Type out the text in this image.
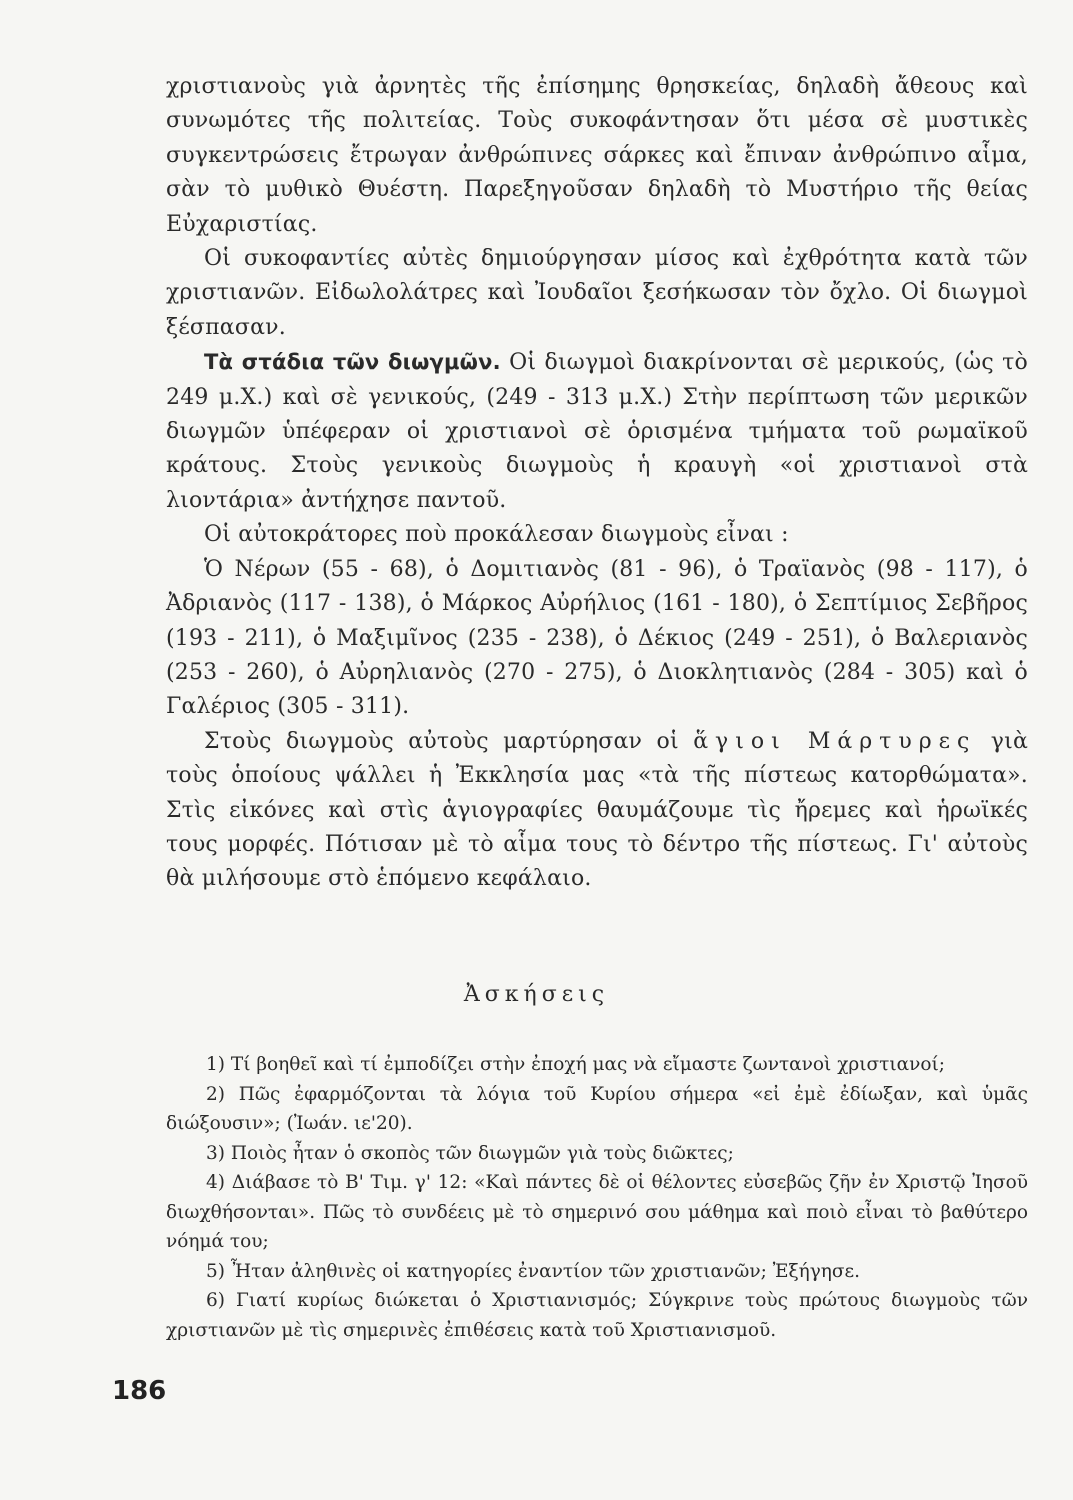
χριστιανοὺς γιὰ ἀρνητὲς τῆς ἐπίσημης θρησκείας, δηλαδὴ ἄθεους καὶ συνωμότες τῆς πολιτείας. Τοὺς συκοφάντησαν ὅτι μέσα σὲ μυστικὲς συγκεντρώσεις ἔτρωγαν ἀνθρώπινες σάρκες καὶ ἔπιναν ἀνθρώπινο αἷμα, σὰν τὸ μυθικὸ Θυέστη. Παρεξηγοῦσαν δηλαδὴ τὸ Μυστήριο τῆς θείας Εὐχαριστίας.

Οἱ συκοφαντίες αὐτὲς δημιούργησαν μίσος καὶ ἐχθρότητα κατὰ τῶν χριστιανῶν. Εἰδωλολάτρες καὶ Ἰουδαῖοι ξεσήκωσαν τὸν ὄχλο. Οἱ διωγμοὶ ξέσπασαν.

Τὰ στάδια τῶν διωγμῶν. Οἱ διωγμοὶ διακρίνονται σὲ μερικούς, (ὡς τὸ 249 μ.Χ.) καὶ σὲ γενικούς, (249 - 313 μ.Χ.) Στὴν περίπτωση τῶν μερικῶν διωγμῶν ὑπέφεραν οἱ χριστιανοὶ σὲ ὁρισμένα τμήματα τοῦ ρωμαϊκοῦ κράτους. Στοὺς γενικοὺς διωγμοὺς ἡ κραυγὴ «οἱ χριστιανοὶ στὰ λιοντάρια» ἀντήχησε παντοῦ.

Οἱ αὐτοκράτορες ποὺ προκάλεσαν διωγμοὺς εἶναι :

Ὁ Νέρων (55 - 68), ὁ Δομιτιανὸς (81 - 96), ὁ Τραϊανὸς (98 - 117), ὁ Ἀδριανὸς (117 - 138), ὁ Μάρκος Αὐρήλιος (161 - 180), ὁ Σεπτίμιος Σεβῆρος (193 - 211), ὁ Μαξιμῖνος (235 - 238), ὁ Δέκιος (249 - 251), ὁ Βαλεριανὸς (253 - 260), ὁ Αὐρηλιανὸς (270 - 275), ὁ Διοκλητιανὸς (284 - 305) καὶ ὁ Γαλέριος (305 - 311).

Στοὺς διωγμοὺς αὐτοὺς μαρτύρησαν οἱ ἅγιοι Μάρτυρες γιὰ τοὺς ὁποίους ψάλλει ἡ Ἐκκλησία μας «τὰ τῆς πίστεως κατορθώματα». Στὶς εἰκόνες καὶ στὶς ἁγιογραφίες θαυμάζουμε τὶς ἤρεμες καὶ ἡρωϊκές τους μορφές. Πότισαν μὲ τὸ αἷμα τους τὸ δέντρο τῆς πίστεως. Γι' αὐτοὺς θὰ μιλήσουμε στὸ ἑπόμενο κεφάλαιο.

Ἀσκήσεις
1) Τί βοηθεῖ καὶ τί ἐμποδίζει στὴν ἐποχή μας νὰ εἴμαστε ζωντανοὶ χριστιανοί;
2) Πῶς ἐφαρμόζονται τὰ λόγια τοῦ Κυρίου σήμερα «εἰ ἐμὲ ἐδίωξαν, καὶ ὑμᾶς διώξουσιν»; (Ἰωάν. ιε'20).
3) Ποιὸς ἦταν ὁ σκοπὸς τῶν διωγμῶν γιὰ τοὺς διῶκτες;
4) Διάβασε τὸ Β' Τιμ. γ' 12: «Καὶ πάντες δὲ οἱ θέλοντες εὐσεβῶς ζῆν ἐν Χριστῷ Ἰησοῦ διωχθήσονται». Πῶς τὸ συνδέεις μὲ τὸ σημερινό σου μάθημα καὶ ποιὸ εἶναι τὸ βαθύτερο νόημά του;
5) Ἦταν ἀληθινὲς οἱ κατηγορίες ἐναντίον τῶν χριστιανῶν; Ἐξήγησε.
6) Γιατί κυρίως διώκεται ὁ Χριστιανισμός; Σύγκρινε τοὺς πρώτους διωγμοὺς τῶν χριστιανῶν μὲ τὶς σημερινὲς ἐπιθέσεις κατὰ τοῦ Χριστιανισμοῦ.
186
